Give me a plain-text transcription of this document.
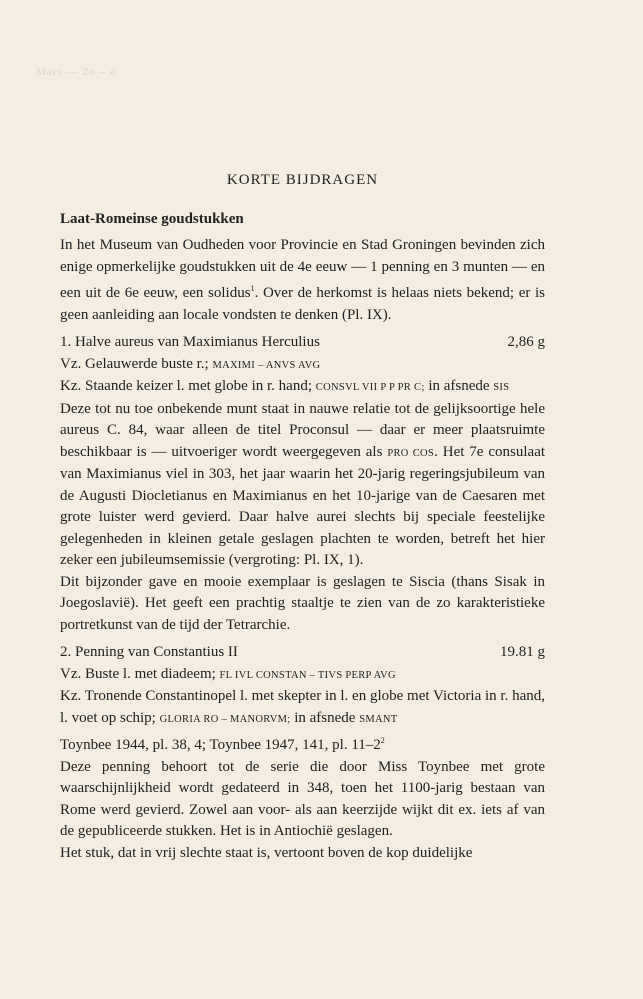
Mars — Zo – e
· · · · · · ·
KORTE BIJDRAGEN
Laat-Romeinse goudstukken

In het Museum van Oudheden voor Provincie en Stad Groningen bevinden zich enige opmerkelijke goudstukken uit de 4e eeuw — 1 penning en 3 munten — en een uit de 6e eeuw, een solidus$^1$. Over de herkomst is helaas niets bekend; er is geen aanleiding aan locale vondsten te denken (Pl. IX).

1. Halve aureus van Maximianus Herculius	2,86 g

Vz. Gelauwerde buste r.; MAXIMI – ANVS AVG

Kz. Staande keizer l. met globe in r. hand; CONSVL VII P P PR C; in afsnede SIS

Deze tot nu toe onbekende munt staat in nauwe relatie tot de gelijksoortige hele aureus C. 84, waar alleen de titel Proconsul — daar er meer plaatsruimte beschikbaar is — uitvoeriger wordt weergegeven als PRO COS. Het 7e consulaat van Maximianus viel in 303, het jaar waarin het 20-jarig regeringsjubileum van de Augusti Diocletianus en Maximianus en het 10-jarige van de Caesaren met grote luister werd gevierd. Daar halve aurei slechts bij speciale feestelijke gelegenheden in kleinen getale geslagen plachten te worden, betreft het hier zeker een jubileumsemissie (vergroting: Pl. IX, 1).

Dit bijzonder gave en mooie exemplaar is geslagen te Siscia (thans Sisak in Joegoslavië). Het geeft een prachtig staaltje te zien van de zo karakteristieke portretkunst van de tijd der Tetrarchie.

2. Penning van Constantius II	19.81 g

Vz. Buste l. met diadeem; FL IVL CONSTAN – TIVS PERP AVG

Kz. Tronende Constantinopel l. met skepter in l. en globe met Victoria in r. hand, l. voet op schip; GLORIA RO – MANORVM; in afsnede SMANT

Toynbee 1944, pl. 38, 4; Toynbee 1947, 141, pl. $11-2^2$

Deze penning behoort tot de serie die door Miss Toynbee met grote waarschijnlijkheid wordt gedateerd in 348, toen het 1100-jarig bestaan van Rome werd gevierd. Zowel aan voor- als aan keerzijde wijkt dit ex. iets af van de gepubliceerde stukken. Het is in Antiochië geslagen.

Het stuk, dat in vrij slechte staat is, vertoont boven de kop duidelijke
